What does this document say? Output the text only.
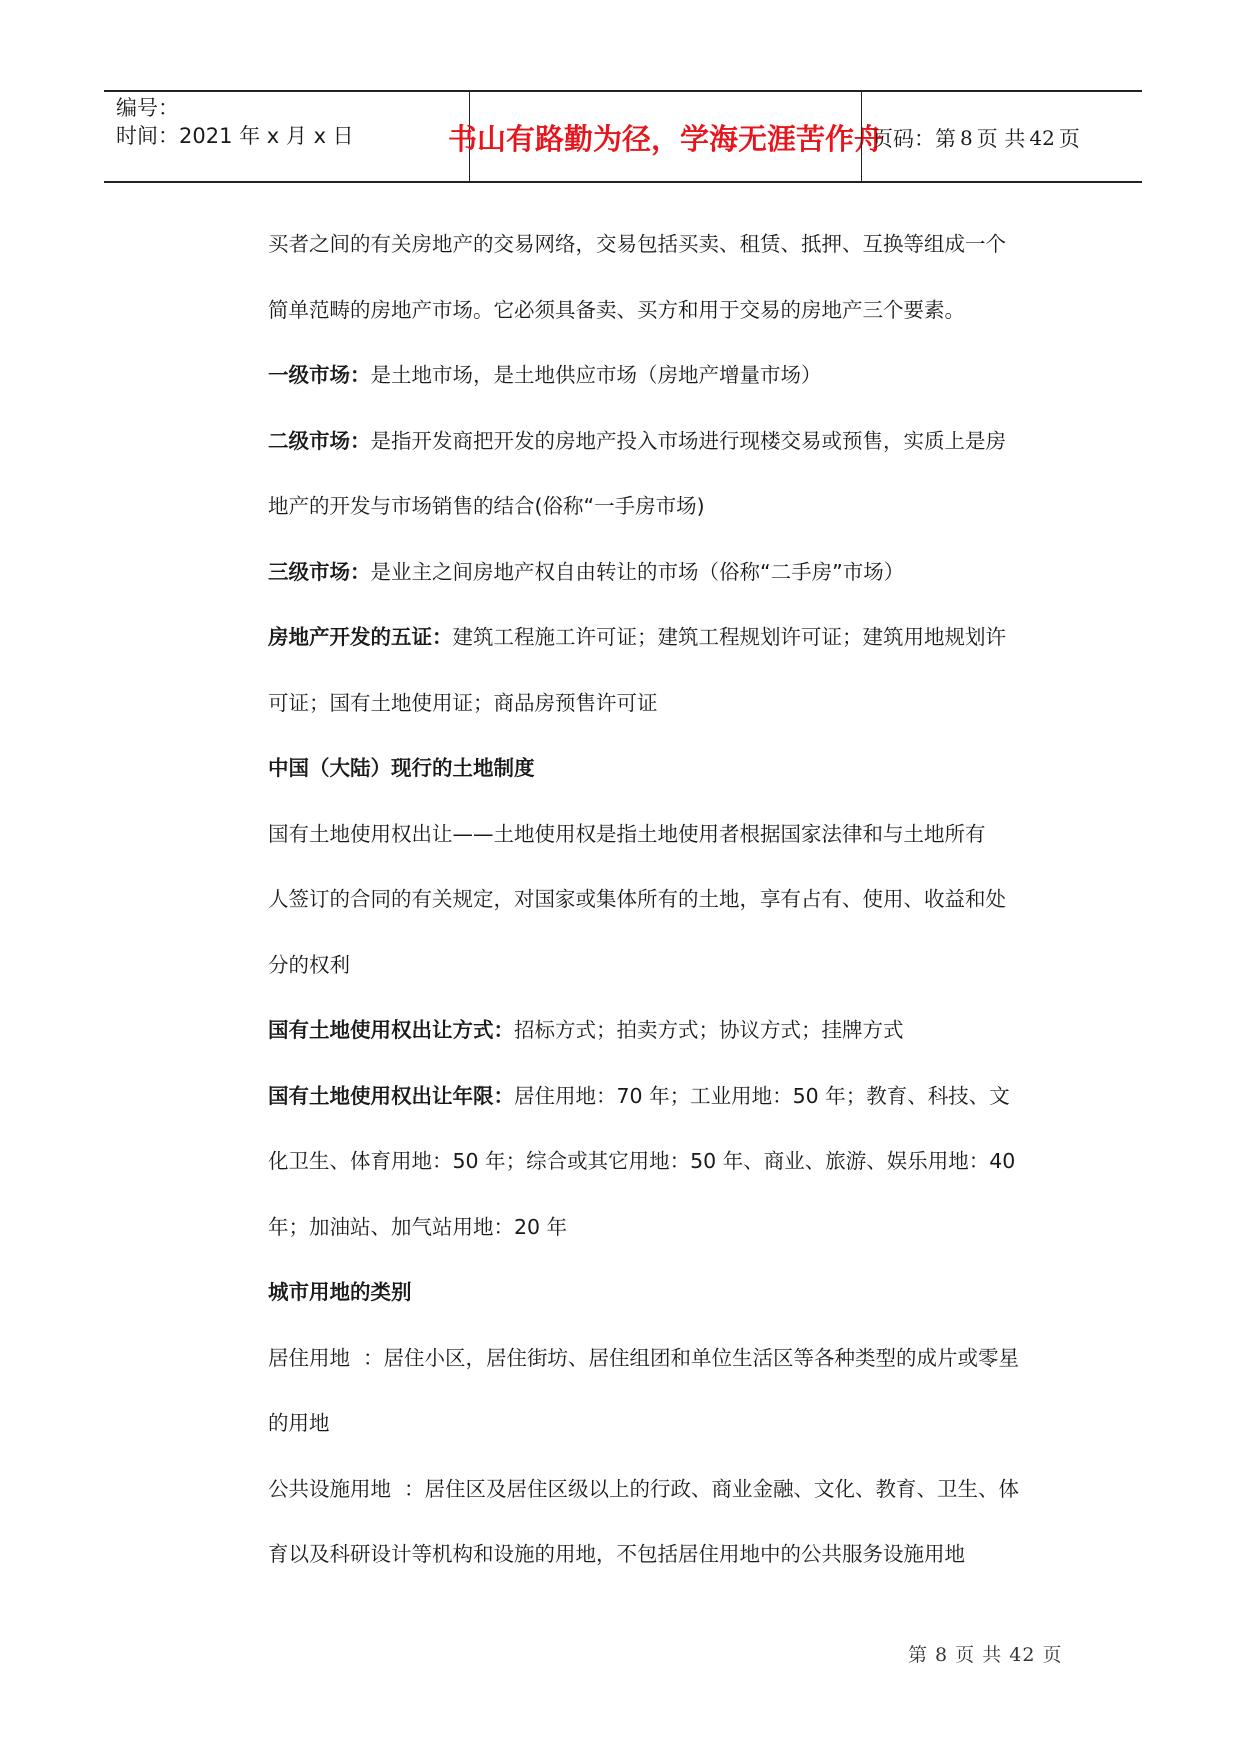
编号：
时间：2021 年 x 月 x 日	书山有路勤为径，学海无涯苦作舟
页码：第 8 页 共 42 页

买者之间的有关房地产的交易网络，交易包括买卖、租赁、抵押、互换等组成一个

简单范畴的房地产市场。它必须具备卖、买方和用于交易的房地产三个要素。

一级市场：是土地市场，是土地供应市场（房地产增量市场）

二级市场：是指开发商把开发的房地产投入市场进行现楼交易或预售，实质上是房

地产的开发与市场销售的结合(俗称“一手房市场)

三级市场：是业主之间房地产权自由转让的市场（俗称“二手房”市场）

房地产开发的五证：建筑工程施工许可证；建筑工程规划许可证；建筑用地规划许

可证；国有土地使用证；商品房预售许可证

中国（大陆）现行的土地制度

国有土地使用权出让——土地使用权是指土地使用者根据国家法律和与土地所有

人签订的合同的有关规定，对国家或集体所有的土地，享有占有、使用、收益和处

分的权利

国有土地使用权出让方式：招标方式；拍卖方式；协议方式；挂牌方式

国有土地使用权出让年限：居住用地：70 年；工业用地：50 年；教育、科技、文

化卫生、体育用地：50 年；综合或其它用地：50 年、商业、旅游、娱乐用地：40

年；加油站、加气站用地：20 年

城市用地的类别

居住用地  ：居住小区，居住街坊、居住组团和单位生活区等各种类型的成片或零星

的用地

公共设施用地  ：居住区及居住区级以上的行政、商业金融、文化、教育、卫生、体

育以及科研设计等机构和设施的用地，不包括居住用地中的公共服务设施用地

第 8 页 共 42 页
